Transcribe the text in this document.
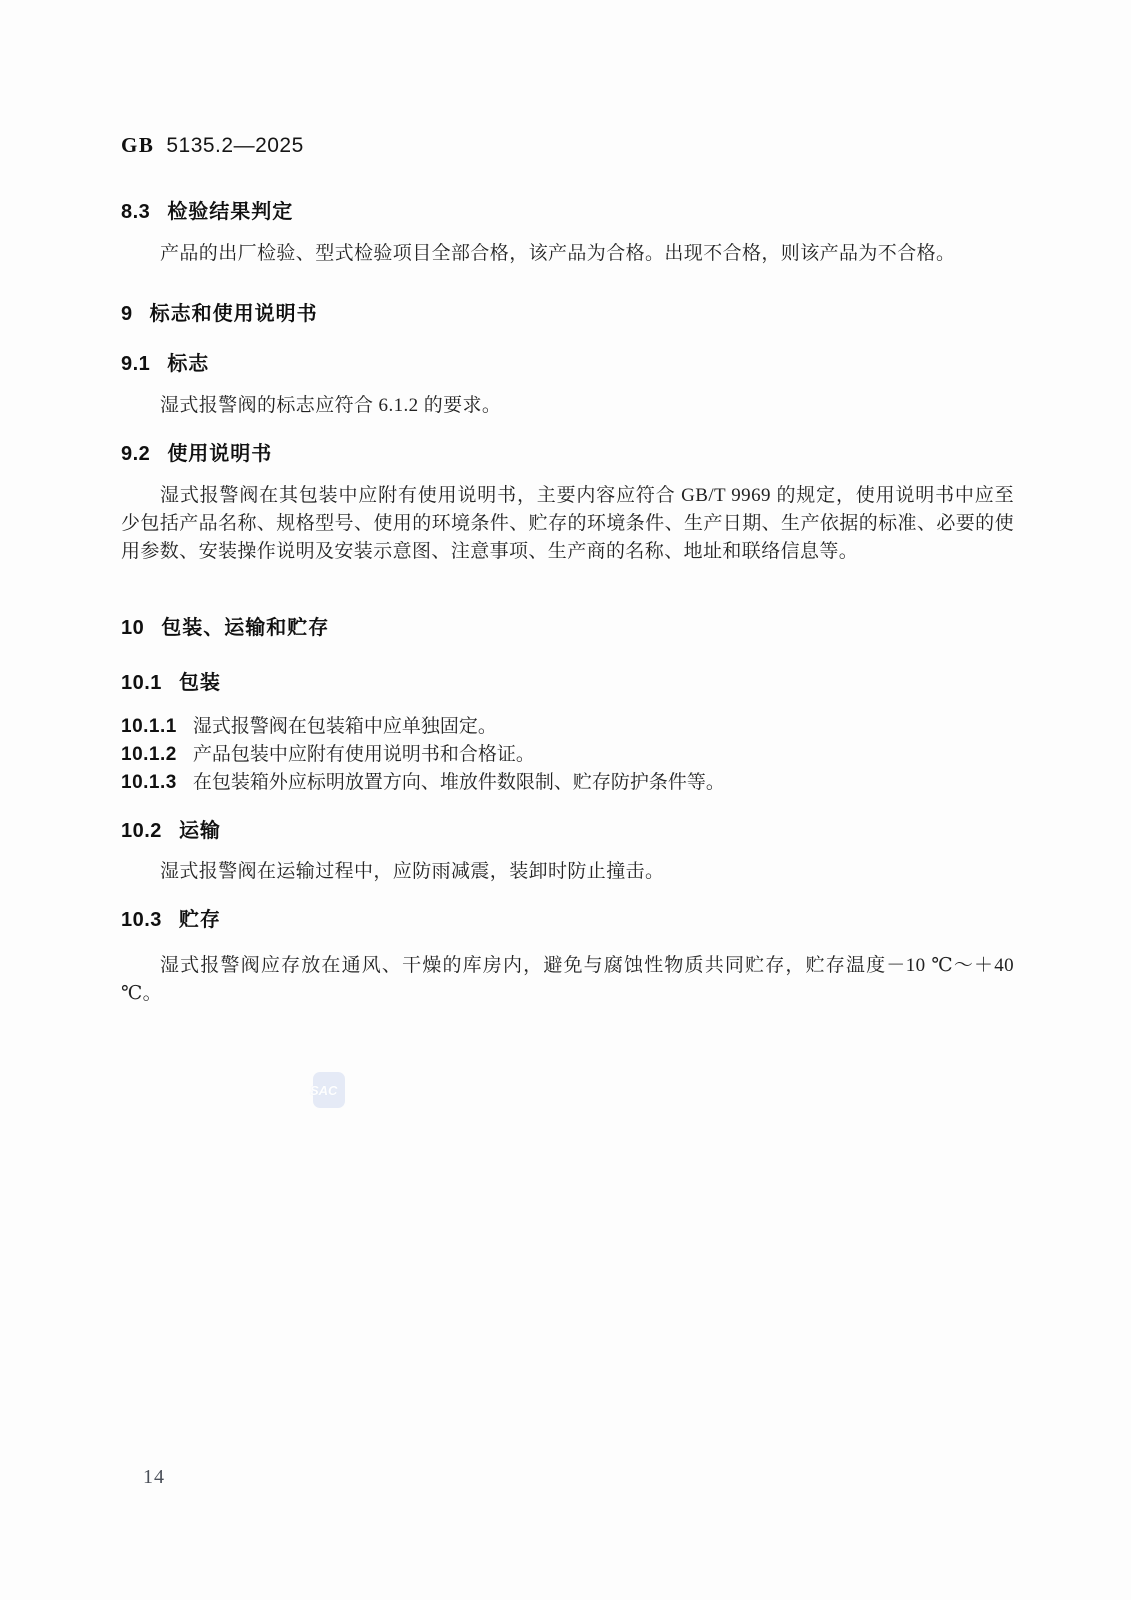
GB 5135.2—2025
8.3 检验结果判定
产品的出厂检验、型式检验项目全部合格，该产品为合格。出现不合格，则该产品为不合格。
9 标志和使用说明书
9.1 标志
湿式报警阀的标志应符合 6.1.2 的要求。
9.2 使用说明书
湿式报警阀在其包装中应附有使用说明书，主要内容应符合 GB/T 9969 的规定，使用说明书中应至少包括产品名称、规格型号、使用的环境条件、贮存的环境条件、生产日期、生产依据的标准、必要的使用参数、安装操作说明及安装示意图、注意事项、生产商的名称、地址和联络信息等。
10 包装、运输和贮存
10.1 包装
10.1.1 湿式报警阀在包装箱中应单独固定。
10.1.2 产品包装中应附有使用说明书和合格证。
10.1.3 在包装箱外应标明放置方向、堆放件数限制、贮存防护条件等。
10.2 运输
湿式报警阀在运输过程中，应防雨减震，装卸时防止撞击。
10.3 贮存
湿式报警阀应存放在通风、干燥的库房内，避免与腐蚀性物质共同贮存，贮存温度－10 ℃～＋40 ℃。
SAC
14
